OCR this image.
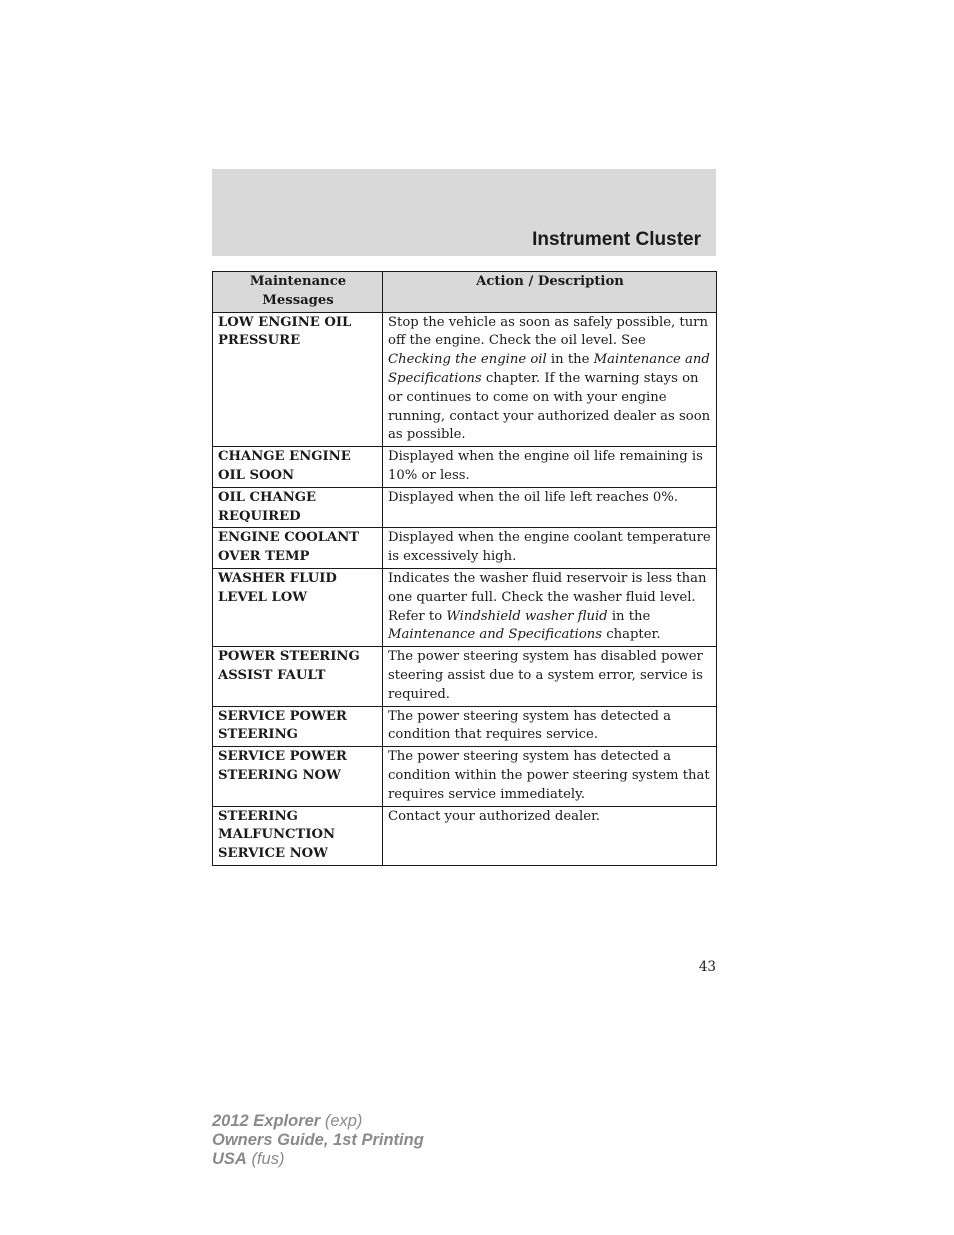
Instrument Cluster
Maintenance Messages	Action / Description
LOW ENGINE OIL PRESSURE	Stop the vehicle as soon as safely possible, turn off the engine. Check the oil level. See Checking the engine oil in the Maintenance and Specifications chapter. If the warning stays on or continues to come on with your engine running, contact your authorized dealer as soon as possible.
CHANGE ENGINE OIL SOON	Displayed when the engine oil life remaining is 10% or less.
OIL CHANGE REQUIRED	Displayed when the oil life left reaches 0%.
ENGINE COOLANT OVER TEMP	Displayed when the engine coolant temperature is excessively high.
WASHER FLUID LEVEL LOW	Indicates the washer fluid reservoir is less than one quarter full. Check the washer fluid level. Refer to Windshield washer fluid in the Maintenance and Specifications chapter.
POWER STEERING ASSIST FAULT	The power steering system has disabled power steering assist due to a system error, service is required.
SERVICE POWER STEERING	The power steering system has detected a condition that requires service.
SERVICE POWER STEERING NOW	The power steering system has detected a condition within the power steering system that requires service immediately.
STEERING MALFUNCTION SERVICE NOW	Contact your authorized dealer.
43
2012 Explorer (exp)
Owners Guide, 1st Printing
USA (fus)
